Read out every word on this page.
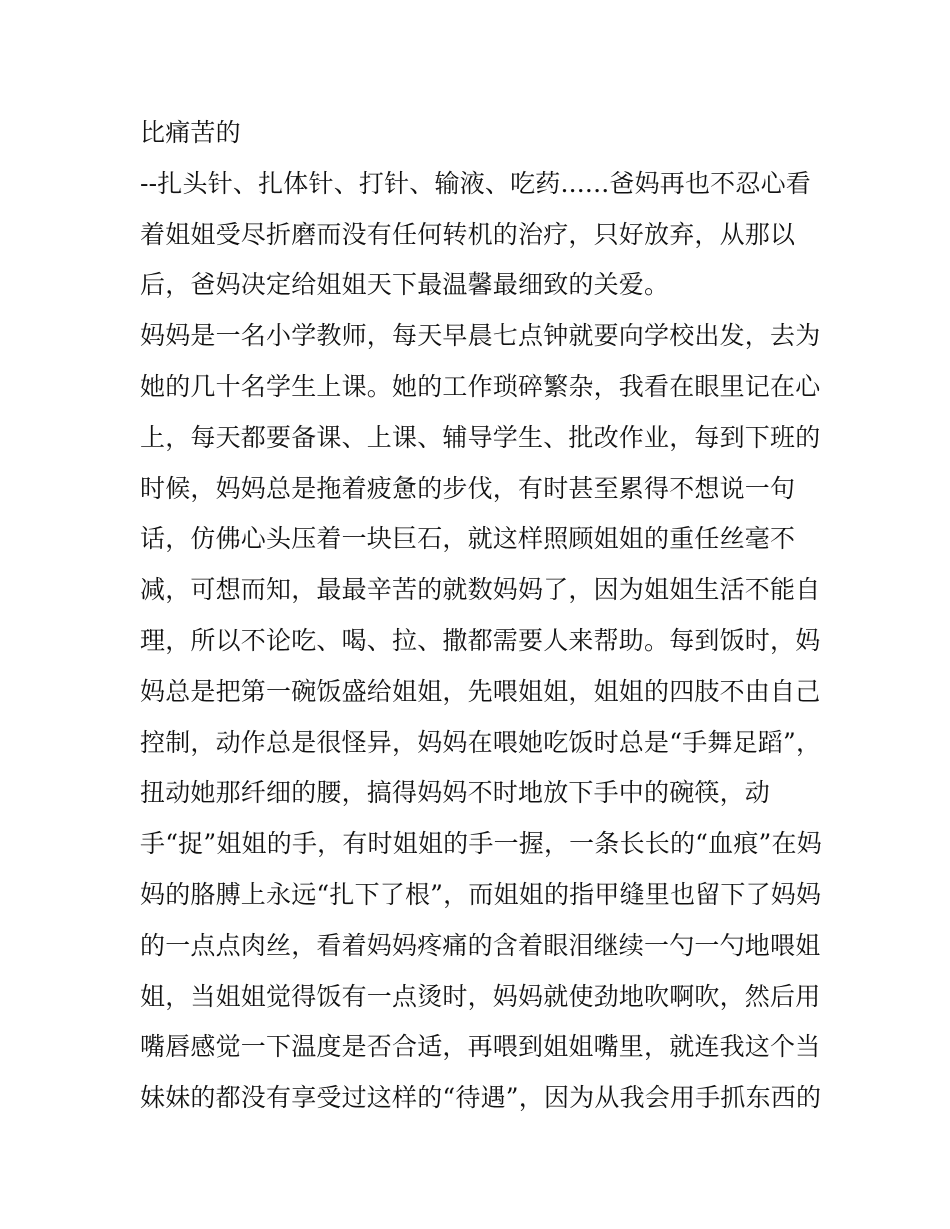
比痛苦的
--扎头针、扎体针、打针、输液、吃药......爸妈再也不忍心看
着姐姐受尽折磨而没有任何转机的治疗，只好放弃，从那以
后，爸妈决定给姐姐天下最温馨最细致的关爱。
妈妈是一名小学教师，每天早晨七点钟就要向学校出发，去为
她的几十名学生上课。她的工作琐碎繁杂，我看在眼里记在心
上，每天都要备课、上课、辅导学生、批改作业，每到下班的
时候，妈妈总是拖着疲惫的步伐，有时甚至累得不想说一句
话，仿佛心头压着一块巨石，就这样照顾姐姐的重任丝毫不
减，可想而知，最最辛苦的就数妈妈了，因为姐姐生活不能自
理，所以不论吃、喝、拉、撒都需要人来帮助。每到饭时，妈
妈总是把第一碗饭盛给姐姐，先喂姐姐，姐姐的四肢不由自己
控制，动作总是很怪异，妈妈在喂她吃饭时总是“手舞足蹈”，
扭动她那纤细的腰，搞得妈妈不时地放下手中的碗筷，动
手“捉”姐姐的手，有时姐姐的手一握，一条长长的“血痕”在妈
妈的胳膊上永远“扎下了根”，而姐姐的指甲缝里也留下了妈妈
的一点点肉丝，看着妈妈疼痛的含着眼泪继续一勺一勺地喂姐
姐，当姐姐觉得饭有一点烫时，妈妈就使劲地吹啊吹，然后用
嘴唇感觉一下温度是否合适，再喂到姐姐嘴里，就连我这个当
妹妹的都没有享受过这样的“待遇”，因为从我会用手抓东西的
